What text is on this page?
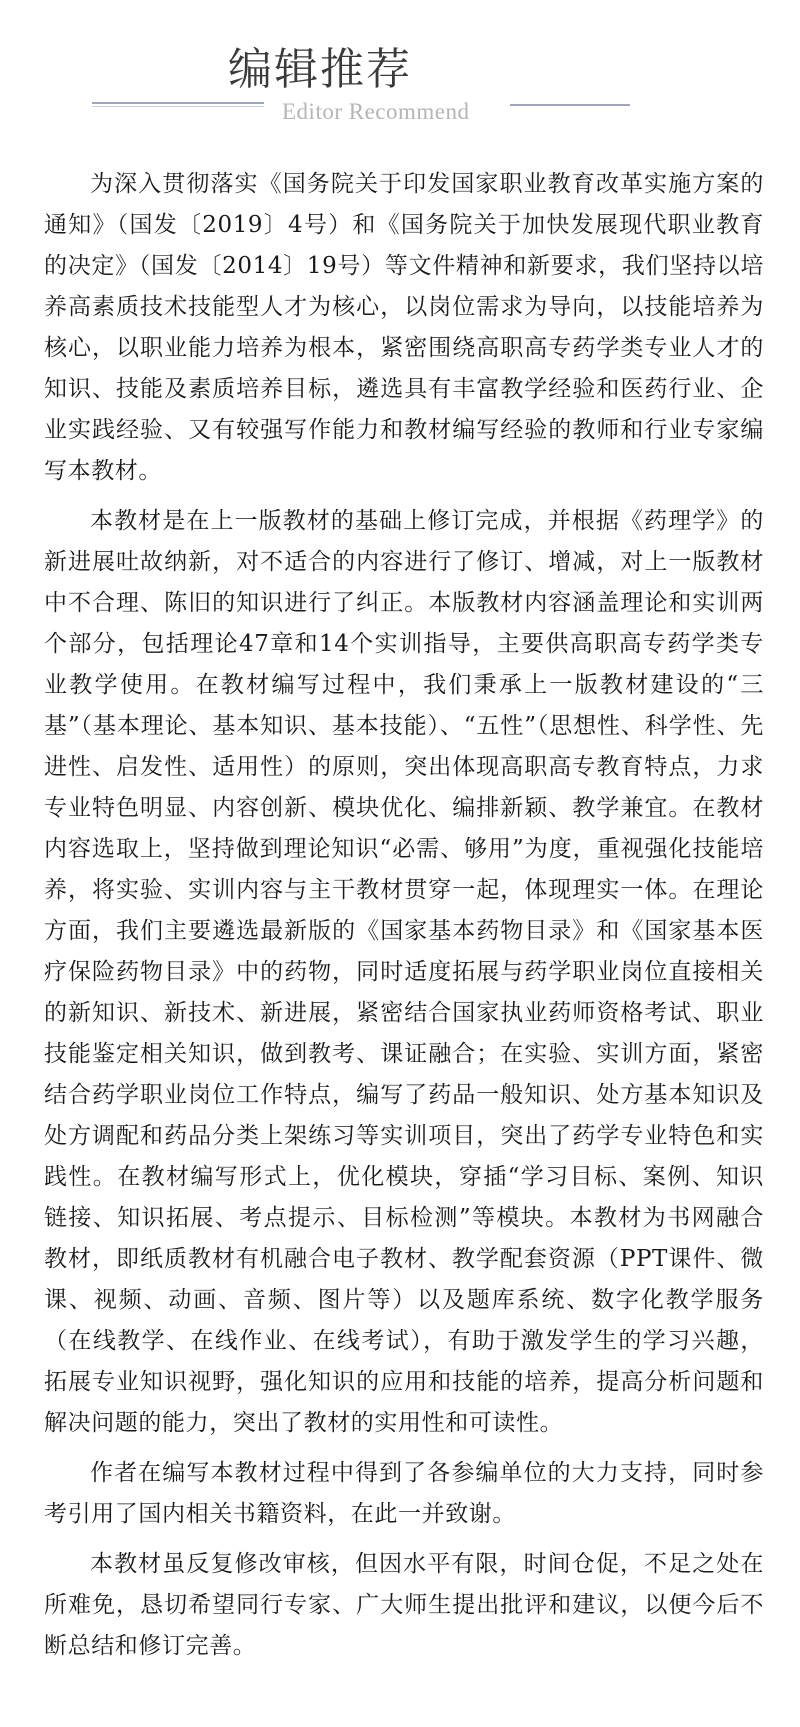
编辑推荐
Editor Recommend

为深入贯彻落实《国务院关于印发国家职业教育改革实施方案的通知》（国发〔2019〕4号）和《国务院关于加快发展现代职业教育的决定》（国发〔2014〕19号）等文件精神和新要求，我们坚持以培养高素质技术技能型人才为核心，以岗位需求为导向，以技能培养为核心，以职业能力培养为根本，紧密围绕高职高专药学类专业人才的知识、技能及素质培养目标，遴选具有丰富教学经验和医药行业、企业实践经验、又有较强写作能力和教材编写经验的教师和行业专家编写本教材。

本教材是在上一版教材的基础上修订完成，并根据《药理学》的新进展吐故纳新，对不适合的内容进行了修订、增减，对上一版教材中不合理、陈旧的知识进行了纠正。本版教材内容涵盖理论和实训两个部分，包括理论47章和14个实训指导，主要供高职高专药学类专业教学使用。在教材编写过程中，我们秉承上一版教材建设的“三基”（基本理论、基本知识、基本技能）、“五性”（思想性、科学性、先进性、启发性、适用性）的原则，突出体现高职高专教育特点，力求专业特色明显、内容创新、模块优化、编排新颖、教学兼宜。在教材内容选取上，坚持做到理论知识“必需、够用”为度，重视强化技能培养，将实验、实训内容与主干教材贯穿一起，体现理实一体。在理论方面，我们主要遴选最新版的《国家基本药物目录》和《国家基本医疗保险药物目录》中的药物，同时适度拓展与药学职业岗位直接相关的新知识、新技术、新进展，紧密结合国家执业药师资格考试、职业技能鉴定相关知识，做到教考、课证融合；在实验、实训方面，紧密结合药学职业岗位工作特点，编写了药品一般知识、处方基本知识及处方调配和药品分类上架练习等实训项目，突出了药学专业特色和实践性。在教材编写形式上，优化模块，穿插“学习目标、案例、知识链接、知识拓展、考点提示、目标检测”等模块。本教材为书网融合教材，即纸质教材有机融合电子教材、教学配套资源（PPT课件、微课、视频、动画、音频、图片等）以及题库系统、数字化教学服务（在线教学、在线作业、在线考试），有助于激发学生的学习兴趣，拓展专业知识视野，强化知识的应用和技能的培养，提高分析问题和解决问题的能力，突出了教材的实用性和可读性。

作者在编写本教材过程中得到了各参编单位的大力支持，同时参考引用了国内相关书籍资料，在此一并致谢。

本教材虽反复修改审核，但因水平有限，时间仓促，不足之处在所难免，恳切希望同行专家、广大师生提出批评和建议，以便今后不断总结和修订完善。
